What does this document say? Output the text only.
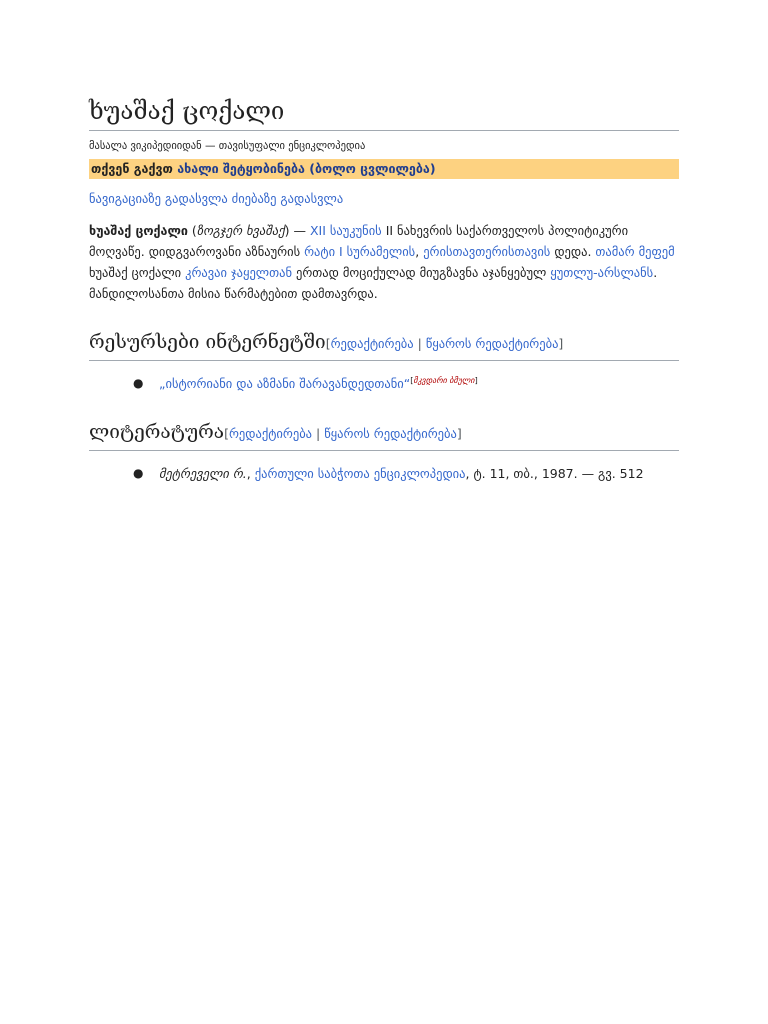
ხუაშაქ ცოქალი
მასალა ვიკიპედიიდან — თავისუფალი ენციკლოპედია
თქვენ გაქვთ ახალი შეტყობინება (ბოლო ცვლილება)
ნავიგაციაზე გადასვლა ძიებაზე გადასვლა
ხუაშაქ ცოქალი (ზოგჯერ ხვაშაქ) — XII საუკუნის II ნახევრის საქართველოს პოლიტიკური მოღვაწე. დიდგვაროვანი აზნაურის რატი I სურამელის, ერისთავთერისთავის დედა. თამარ მეფემ ხუაშაქ ცოქალი კრავაი ჯაყელთან ერთად მოციქულად მიუგზავნა აჯანყებულ ყუთლუ-არსლანს. მანდილოსანთა მისია წარმატებით დამთავრდა.
რესურსები ინტერნეტში[რედაქტირება | წყაროს რედაქტირება]
● „ისტორიანი და აზმანი შარავანდედთანი“[მკვდარი ბმული]
ლიტერატურა[რედაქტირება | წყაროს რედაქტირება]
● მეტრეველი რ., ქართული საბჭოთა ენციკლოპედია, ტ. 11, თბ., 1987. — გვ. 512
